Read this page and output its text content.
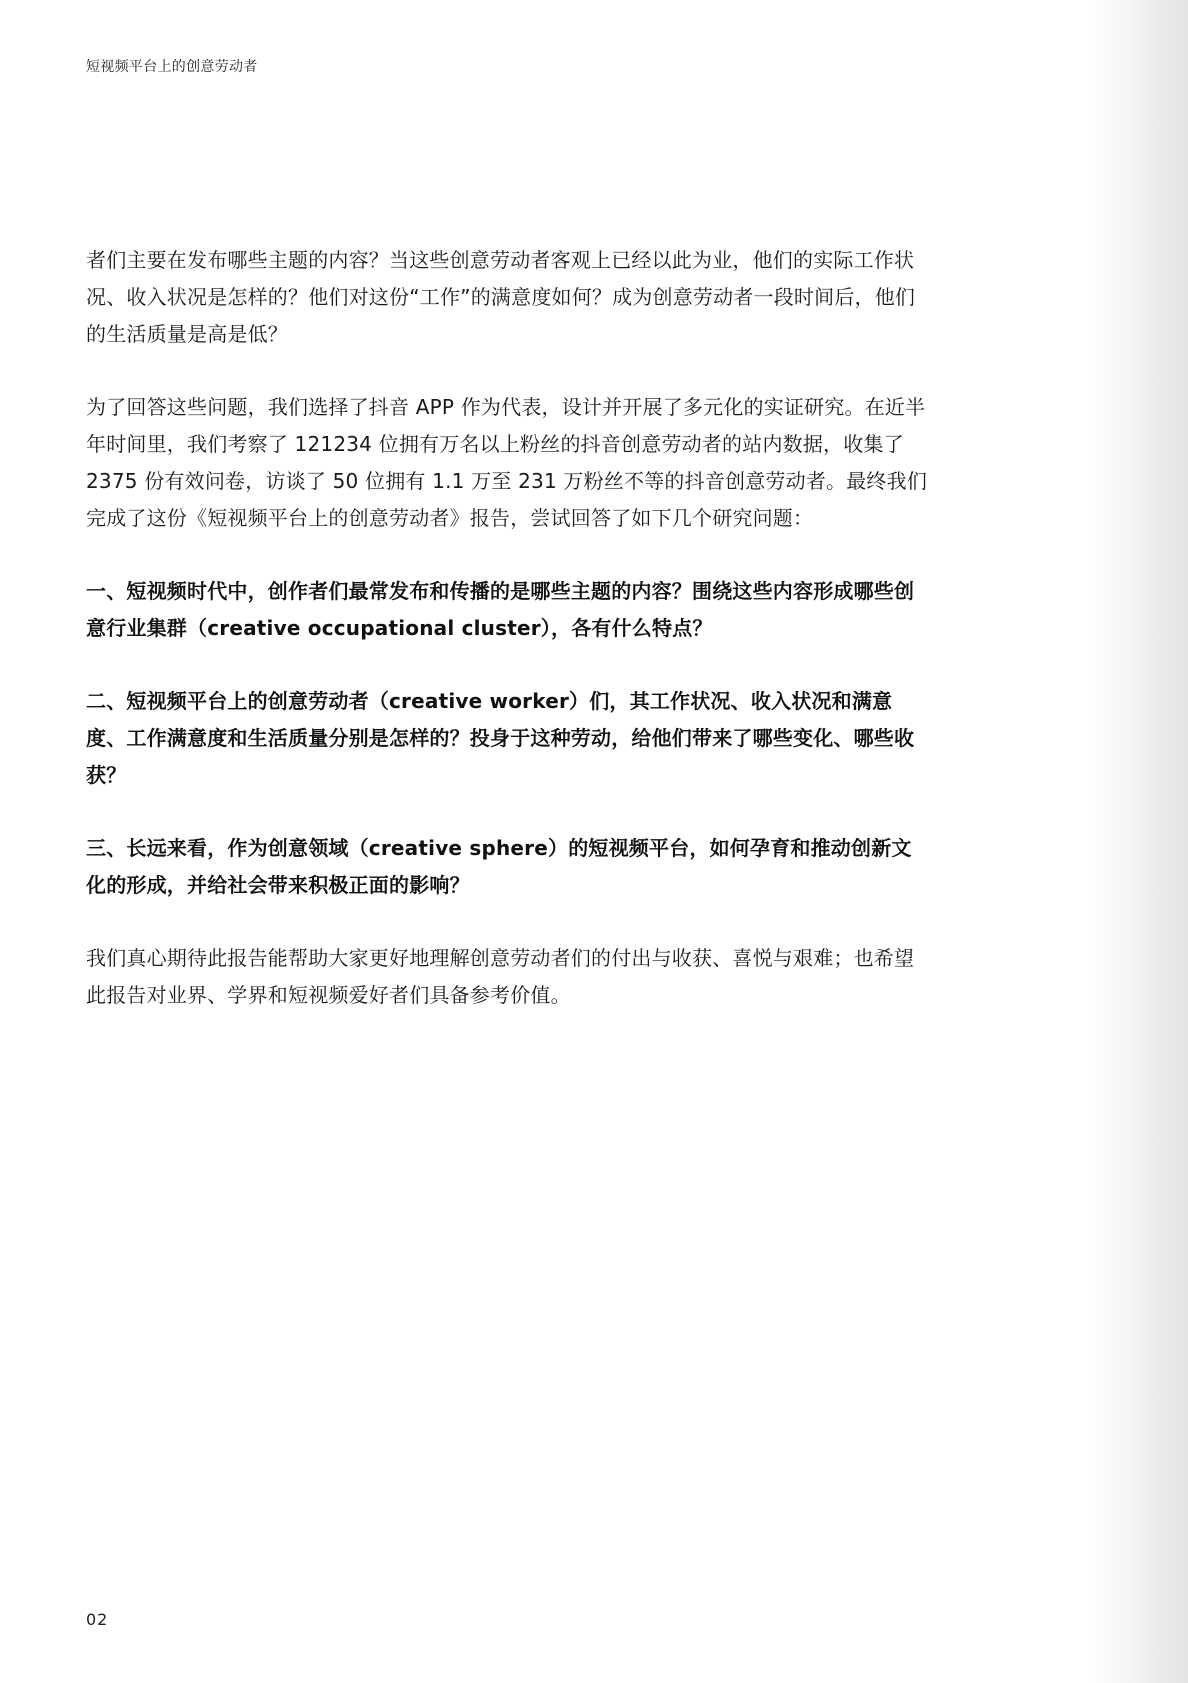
短视频平台上的创意劳动者

者们主要在发布哪些主题的内容？当这些创意劳动者客观上已经以此为业，他们的实际工作状况、收入状况是怎样的？他们对这份“工作”的满意度如何？成为创意劳动者一段时间后，他们的生活质量是高是低？

为了回答这些问题，我们选择了抖音 APP 作为代表，设计并开展了多元化的实证研究。在近半年时间里，我们考察了 121234 位拥有万名以上粉丝的抖音创意劳动者的站内数据，收集了 2375 份有效问卷，访谈了 50 位拥有 1.1 万至 231 万粉丝不等的抖音创意劳动者。最终我们完成了这份《短视频平台上的创意劳动者》报告，尝试回答了如下几个研究问题：

一、短视频时代中，创作者们最常发布和传播的是哪些主题的内容？围绕这些内容形成哪些创意行业集群（creative occupational cluster），各有什么特点？

二、短视频平台上的创意劳动者（creative worker）们，其工作状况、收入状况和满意度、工作满意度和生活质量分别是怎样的？投身于这种劳动，给他们带来了哪些变化、哪些收获？

三、长远来看，作为创意领域（creative sphere）的短视频平台，如何孕育和推动创新文化的形成，并给社会带来积极正面的影响？

我们真心期待此报告能帮助大家更好地理解创意劳动者们的付出与收获、喜悦与艰难；也希望此报告对业界、学界和短视频爱好者们具备参考价值。

02
